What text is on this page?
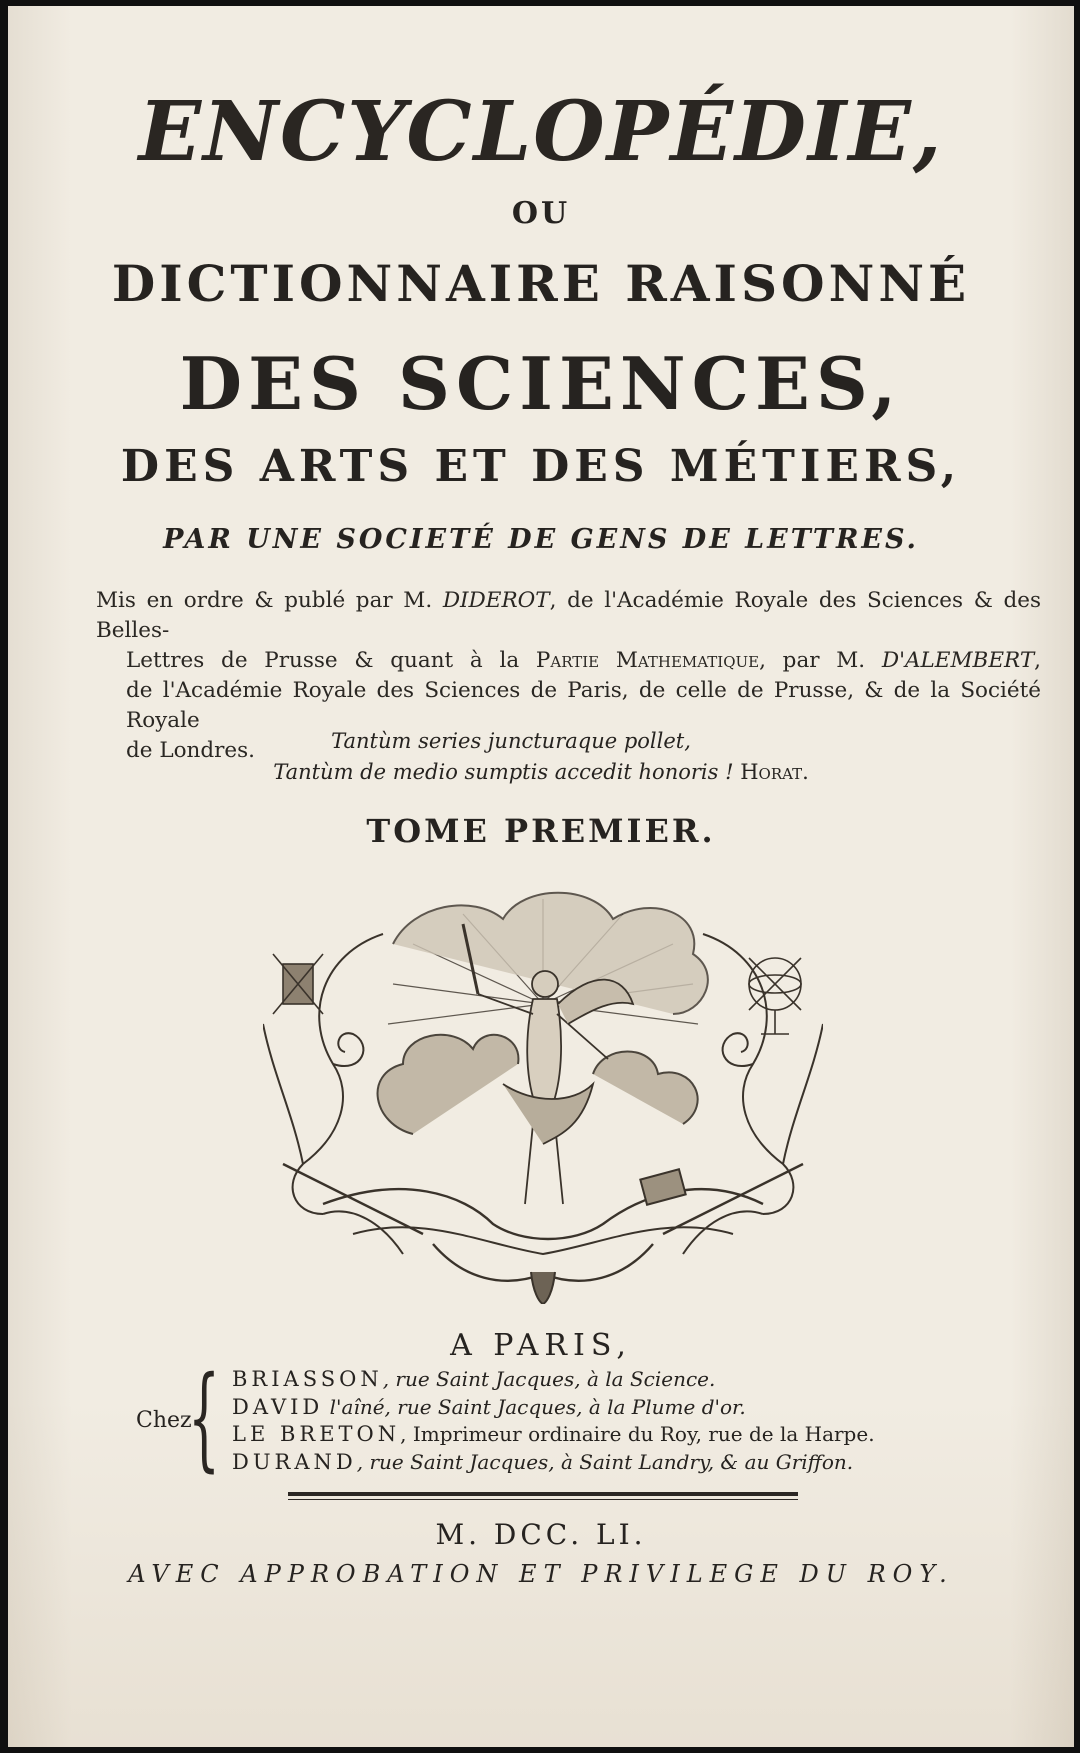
ENCYCLOPÉDIE,
OU
DICTIONNAIRE RAISONNÉ
DES SCIENCES,
DES ARTS ET DES MÉTIERS,
PAR UNE SOCIETÉ DE GENS DE LETTRES.
Mis en ordre & publé par M. DIDEROT, de l'Académie Royale des Sciences & des Belles-
Lettres de Prusse & quant à la Partie Mathematique, par M. D'ALEMBERT,
de l'Académie Royale des Sciences de Paris, de celle de Prusse, & de la Société Royale
de Londres.	Tantùm series juncturaque pollet,
Tantùm de medio sumptis accedit honoris ! Horat.
TOME PREMIER.
A PARIS,
Chez
{ BRIASSON, rue Saint Jacques, à la Science.
DAVID l'aîné, rue Saint Jacques, à la Plume d'or.
LE BRETON, Imprimeur ordinaire du Roy, rue de la Harpe.
DURAND, rue Saint Jacques, à Saint Landry, & au Griffon.
M. DCC. LI.
AVEC APPROBATION ET PRIVILEGE DU ROY.
